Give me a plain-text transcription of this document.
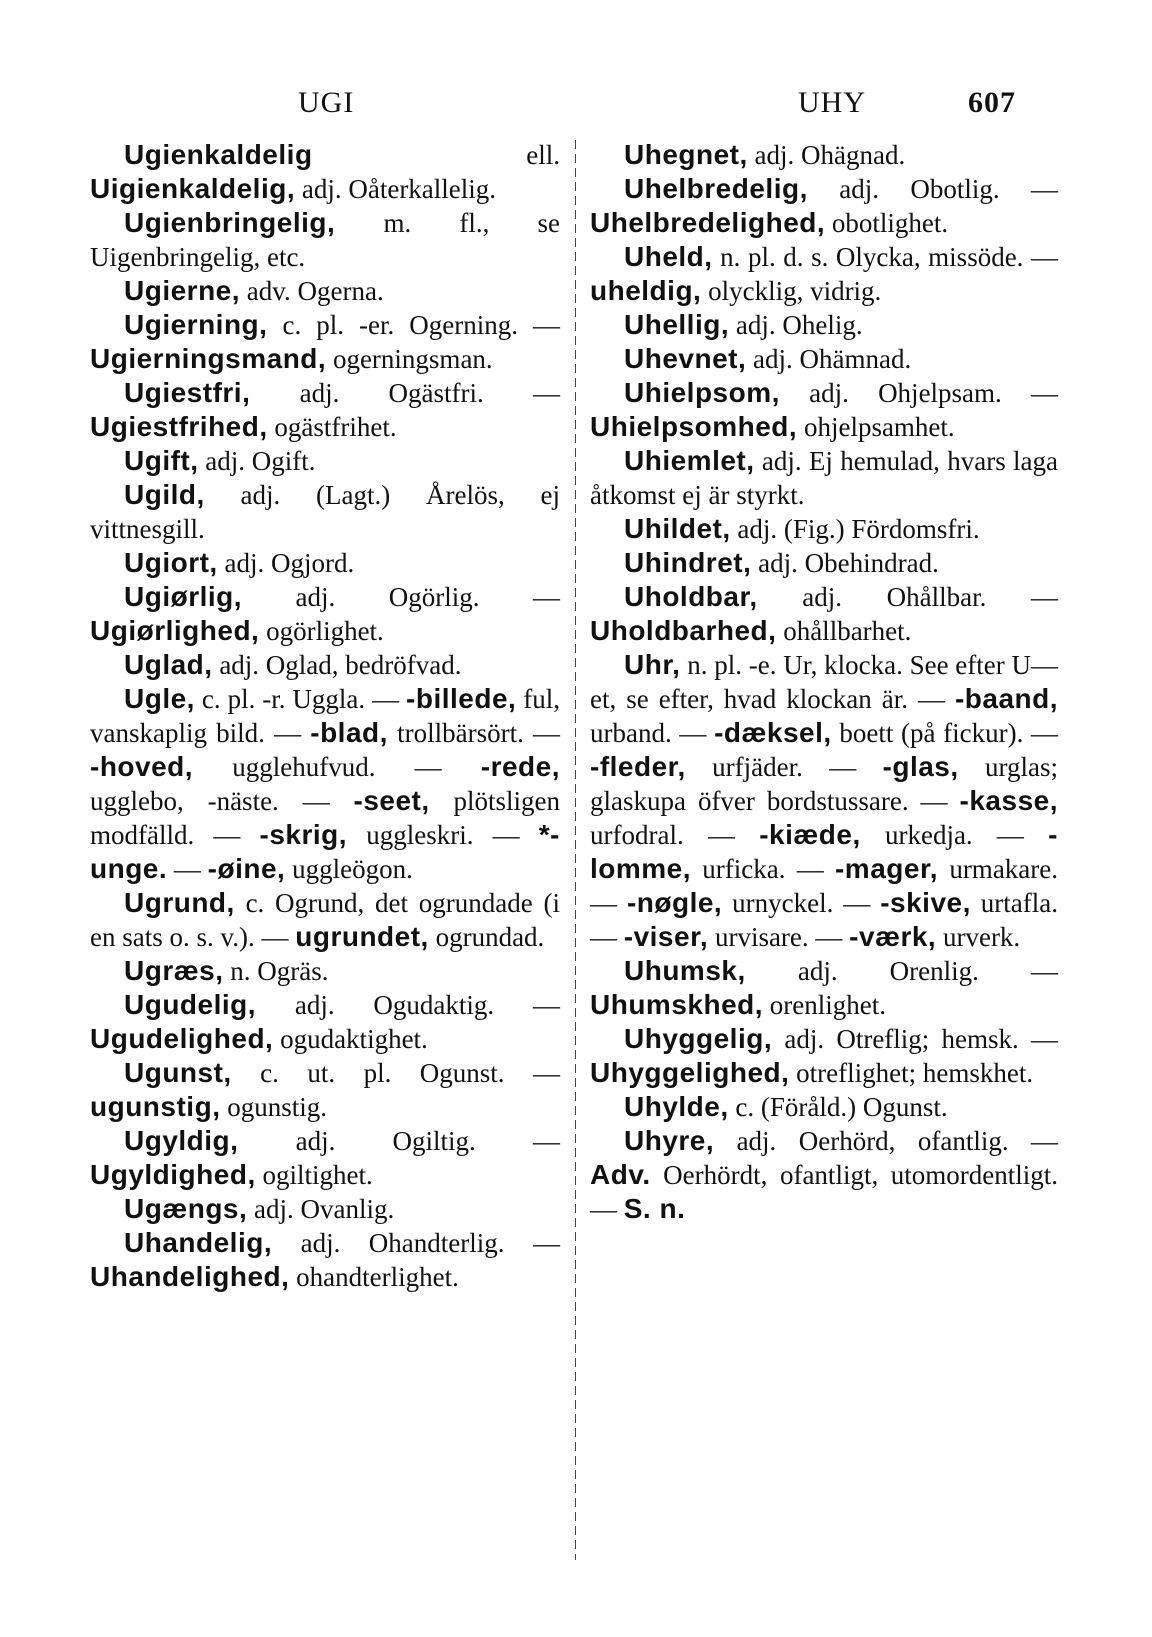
UGI	UHY	607

Ugienkaldelig ell. Uigienkaldelig, adj. Oåterkallelig.

Ugienbringelig, m. fl., se Uigenbringelig, etc.

Ugierne, adv. Ogerna.

Ugierning, c. pl. -er. Ogerning. — Ugierningsmand, ogerningsman.

Ugiestfri, adj. Ogästfri. — Ugiestfrihed, ogästfrihet.

Ugift, adj. Ogift.

Ugild, adj. (Lagt.) Årelös, ej vittnesgill.

Ugiort, adj. Ogjord.

Ugiørlig, adj. Ogörlig. — Ugiørlighed, ogörlighet.

Uglad, adj. Oglad, bedröfvad.

Ugle, c. pl. -r. Uggla. — -billede, ful, vanskaplig bild. — -blad, trollbärsört. — -hoved, ugglehufvud. — -rede, ugglebo, -näste. — -seet, plötsligen modfälld. — -skrig, uggleskri. — *-unge. — -øine, uggleögon.

Ugrund, c. Ogrund, det ogrundade (i en sats o. s. v.). — ugrundet, ogrundad.

Ugræs, n. Ogräs.

Ugudelig, adj. Ogudaktig. — Ugudelighed, ogudaktighet.

Ugunst, c. ut. pl. Ogunst. — ugunstig, ogunstig.

Ugyldig, adj. Ogiltig. — Ugyldighed, ogiltighet.

Ugængs, adj. Ovanlig.

Uhandelig, adj. Ohandterlig. — Uhandelighed, ohandterlighet.

Uhegnet, adj. Ohägnad.

Uhelbredelig, adj. Obotlig. — Uhelbredelighed, obotlighet.

Uheld, n. pl. d. s. Olycka, missöde. — uheldig, olycklig, vidrig.

Uhellig, adj. Ohelig.

Uhevnet, adj. Ohämnad.

Uhielpsom, adj. Ohjelpsam. — Uhielpsomhed, ohjelpsamhet.

Uhiemlet, adj. Ej hemulad, hvars laga åtkomst ej är styrkt.

Uhildet, adj. (Fig.) Fördomsfri.

Uhindret, adj. Obehindrad.

Uholdbar, adj. Ohållbar. — Uholdbarhed, ohållbarhet.

Uhr, n. pl. -e. Ur, klocka. See efter U—et, se efter, hvad klockan är. — -baand, urband. — -dæksel, boett (på fickur). — -fleder, urfjäder. — -glas, urglas; glaskupa öfver bordstussare. — -kasse, urfodral. — -kiæde, urkedja. — -lomme, urficka. — -mager, urmakare. — -nøgle, urnyckel. — -skive, urtafla. — -viser, urvisare. — -værk, urverk.

Uhumsk, adj. Orenlig. — Uhumskhed, orenlighet.

Uhyggelig, adj. Otreflig; hemsk. — Uhyggelighed, otreflighet; hemskhet.

Uhylde, c. (Föråld.) Ogunst.

Uhyre, adj. Oerhörd, ofantlig. — Adv. Oerhördt, ofantligt, utomordentligt. — S. n.
